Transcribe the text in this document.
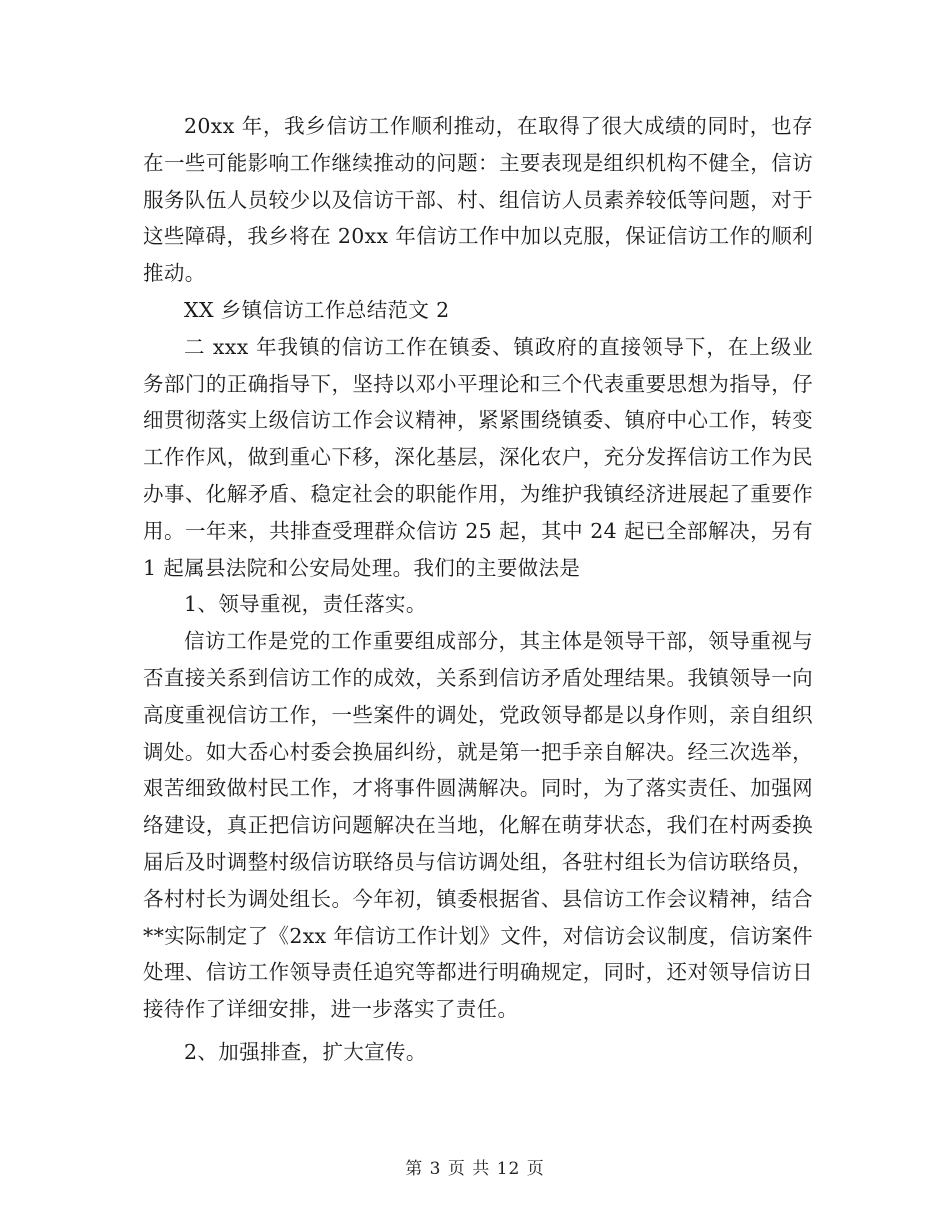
20xx 年，我乡信访工作顺利推动，在取得了很大成绩的同时，也存在一些可能影响工作继续推动的问题：主要表现是组织机构不健全，信访服务队伍人员较少以及信访干部、村、组信访人员素养较低等问题，对于这些障碍，我乡将在 20xx 年信访工作中加以克服，保证信访工作的顺利推动。

XX 乡镇信访工作总结范文 2

二 xxx 年我镇的信访工作在镇委、镇政府的直接领导下，在上级业务部门的正确指导下，坚持以邓小平理论和三个代表重要思想为指导，仔细贯彻落实上级信访工作会议精神，紧紧围绕镇委、镇府中心工作，转变工作作风，做到重心下移，深化基层，深化农户，充分发挥信访工作为民办事、化解矛盾、稳定社会的职能作用，为维护我镇经济进展起了重要作用。一年来，共排查受理群众信访 25 起，其中 24 起已全部解决，另有 1 起属县法院和公安局处理。我们的主要做法是

1、领导重视，责任落实。

信访工作是党的工作重要组成部分，其主体是领导干部，领导重视与否直接关系到信访工作的成效，关系到信访矛盾处理结果。我镇领导一向高度重视信访工作，一些案件的调处，党政领导都是以身作则，亲自组织调处。如大岙心村委会换届纠纷，就是第一把手亲自解决。经三次选举，艰苦细致做村民工作，才将事件圆满解决。同时，为了落实责任、加强网络建设，真正把信访问题解决在当地，化解在萌芽状态，我们在村两委换届后及时调整村级信访联络员与信访调处组，各驻村组长为信访联络员，各村村长为调处组长。今年初，镇委根据省、县信访工作会议精神，结合**实际制定了《2xx 年信访工作计划》文件，对信访会议制度，信访案件处理、信访工作领导责任追究等都进行明确规定，同时，还对领导信访日接待作了详细安排，进一步落实了责任。

2、加强排查，扩大宣传。

第 3 页 共 12 页
